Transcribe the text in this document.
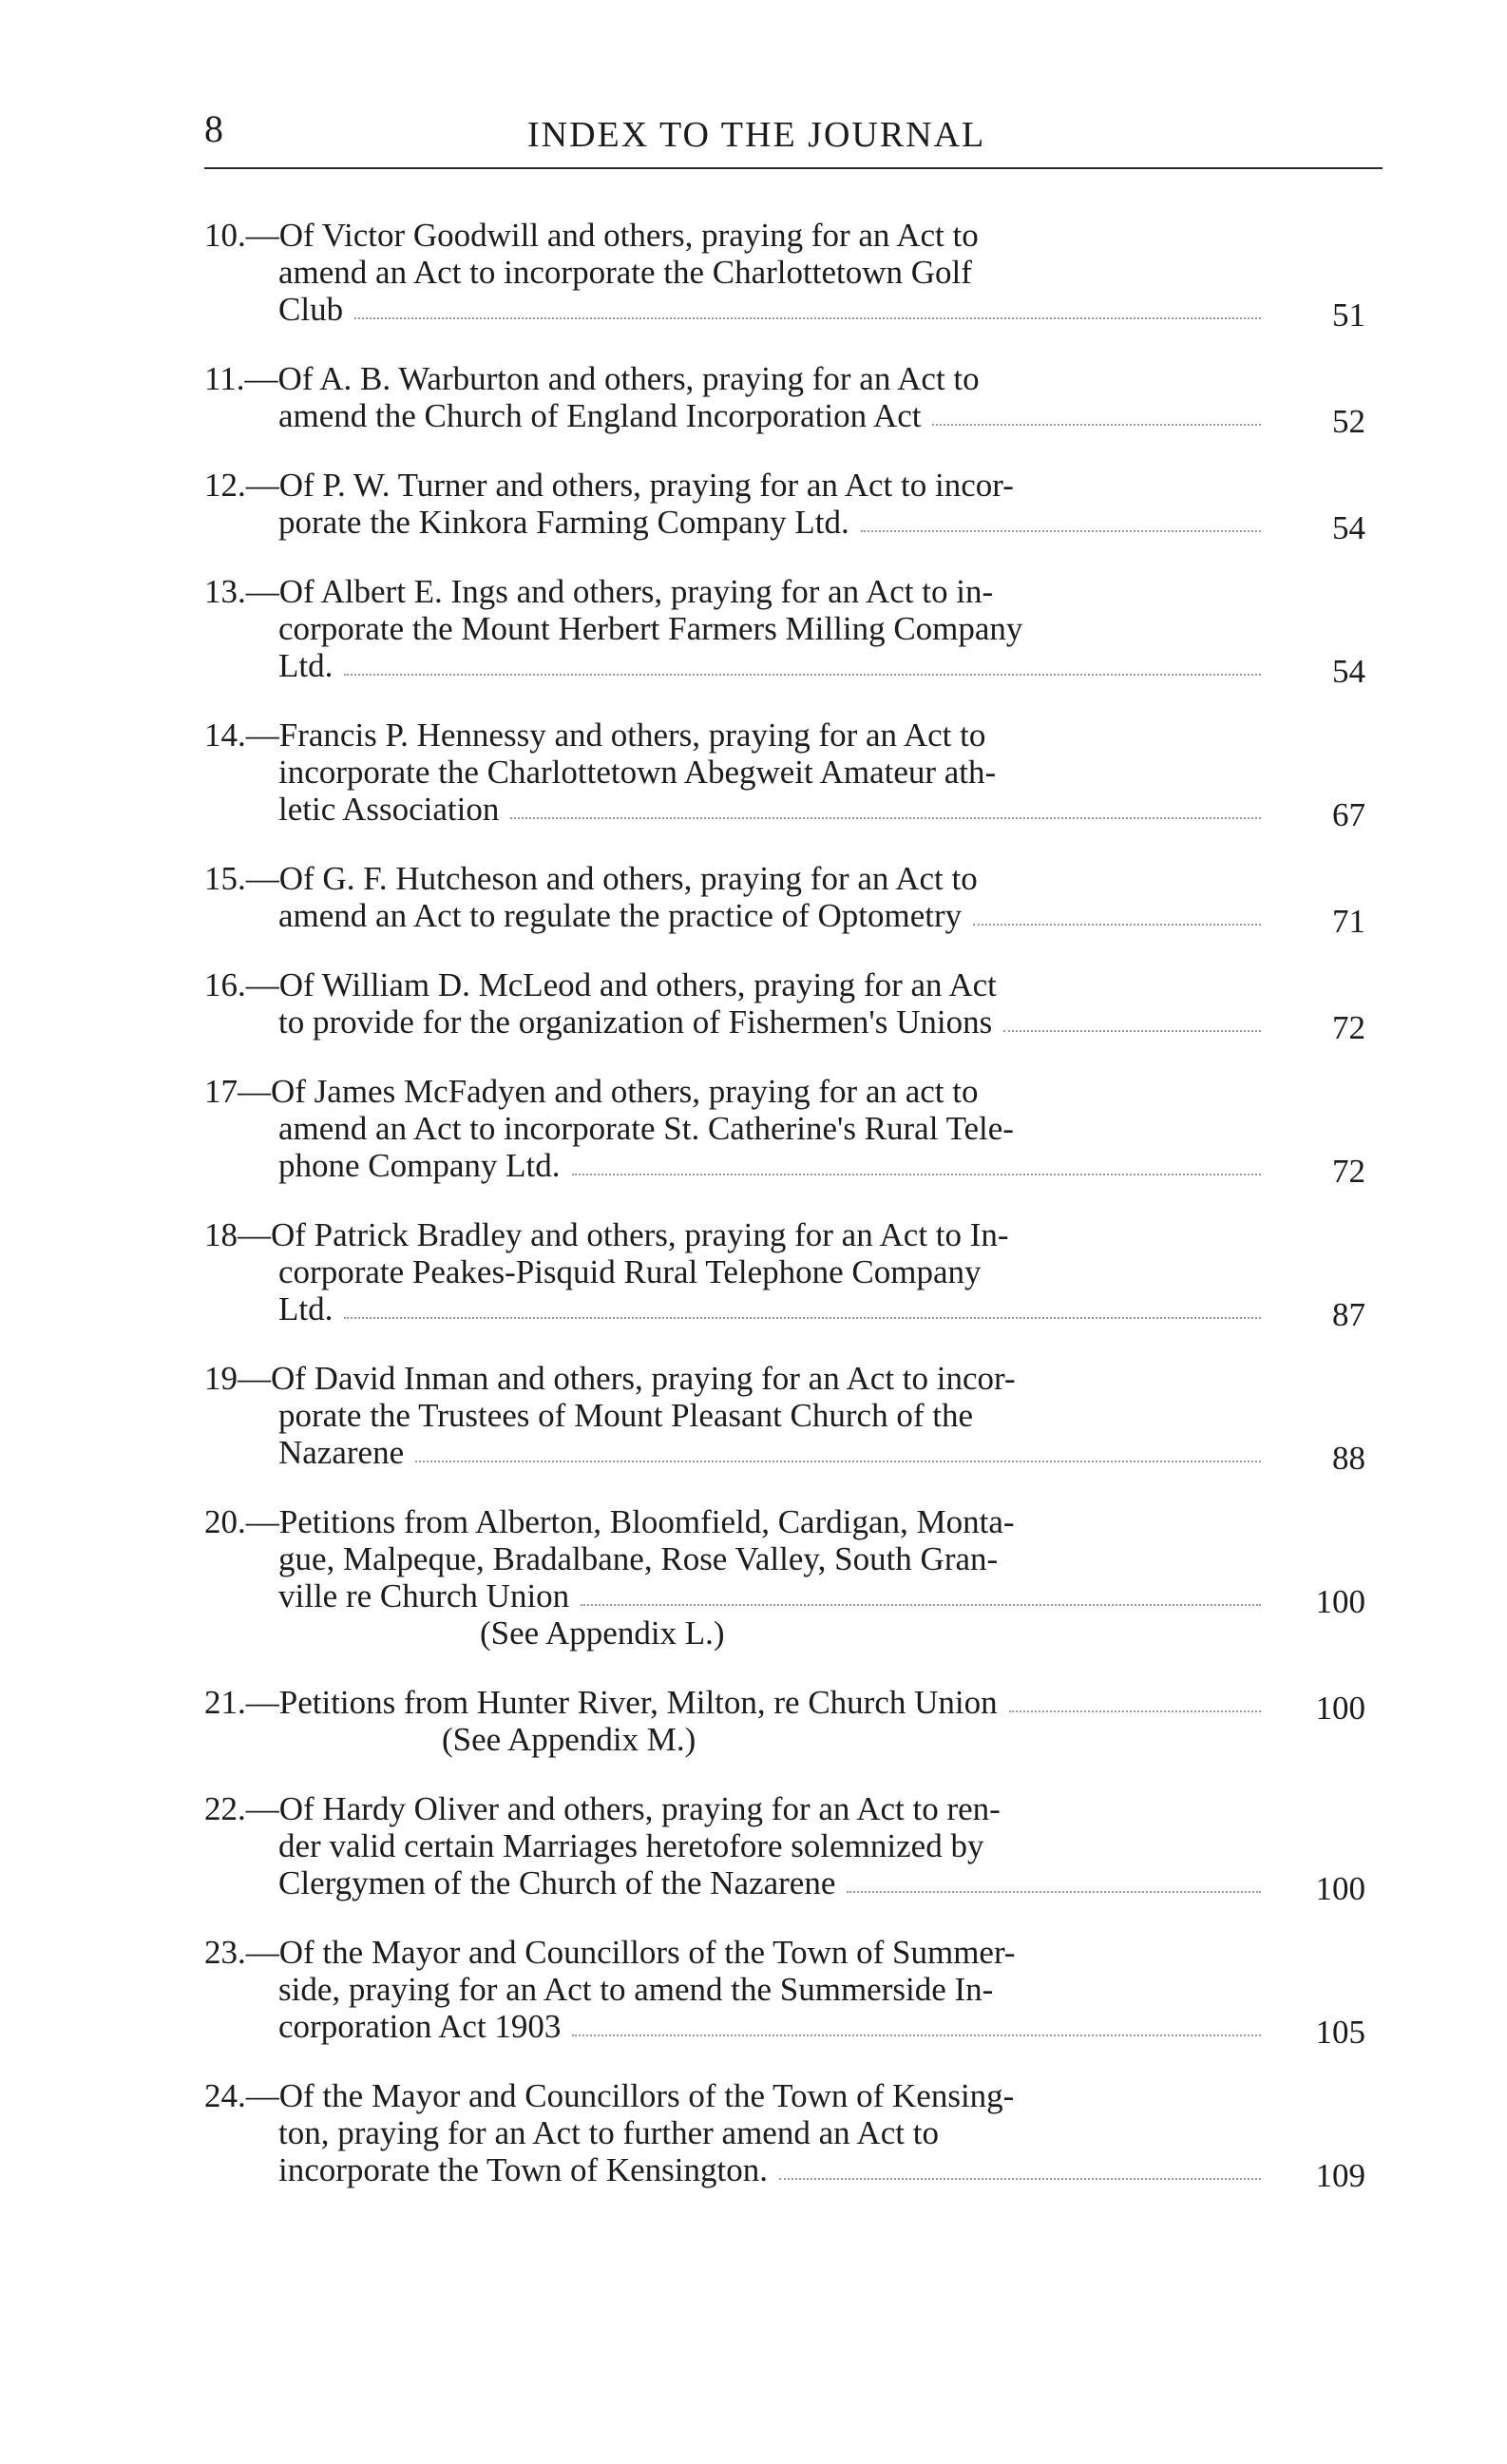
8	INDEX TO THE JOURNAL
10.—Of Victor Goodwill and others, praying for an Act to
amend an Act to incorporate the Charlottetown Golf
Club	51
11.—Of A. B. Warburton and others, praying for an Act to
amend the Church of England Incorporation Act	52
12.—Of P. W. Turner and others, praying for an Act to incor-
porate the Kinkora Farming Company Ltd.	54
13.—Of Albert E. Ings and others, praying for an Act to in-
corporate the Mount Herbert Farmers Milling Company
Ltd.	54
14.—Francis P. Hennessy and others, praying for an Act to
incorporate the Charlottetown Abegweit Amateur ath-
letic Association	67
15.—Of G. F. Hutcheson and others, praying for an Act to
amend an Act to regulate the practice of Optometry	71
16.—Of William D. McLeod and others, praying for an Act
to provide for the organization of Fishermen's Unions	72
17—Of James McFadyen and others, praying for an act to
amend an Act to incorporate St. Catherine's Rural Tele-
phone Company Ltd.	72
18—Of Patrick Bradley and others, praying for an Act to In-
corporate Peakes-Pisquid Rural Telephone Company
Ltd.	87
19—Of David Inman and others, praying for an Act to incor-
porate the Trustees of Mount Pleasant Church of the
Nazarene	88
20.—Petitions from Alberton, Bloomfield, Cardigan, Monta-
gue, Malpeque, Bradalbane, Rose Valley, South Gran-
ville re Church Union	100
(See Appendix L.)
21.—Petitions from Hunter River, Milton, re Church Union	100
(See Appendix M.)
22.—Of Hardy Oliver and others, praying for an Act to ren-
der valid certain Marriages heretofore solemnized by
Clergymen of the Church of the Nazarene	100
23.—Of the Mayor and Councillors of the Town of Summer-
side, praying for an Act to amend the Summerside In-
corporation Act 1903	105
24.—Of the Mayor and Councillors of the Town of Kensing-
ton, praying for an Act to further amend an Act to
incorporate the Town of Kensington.	109
